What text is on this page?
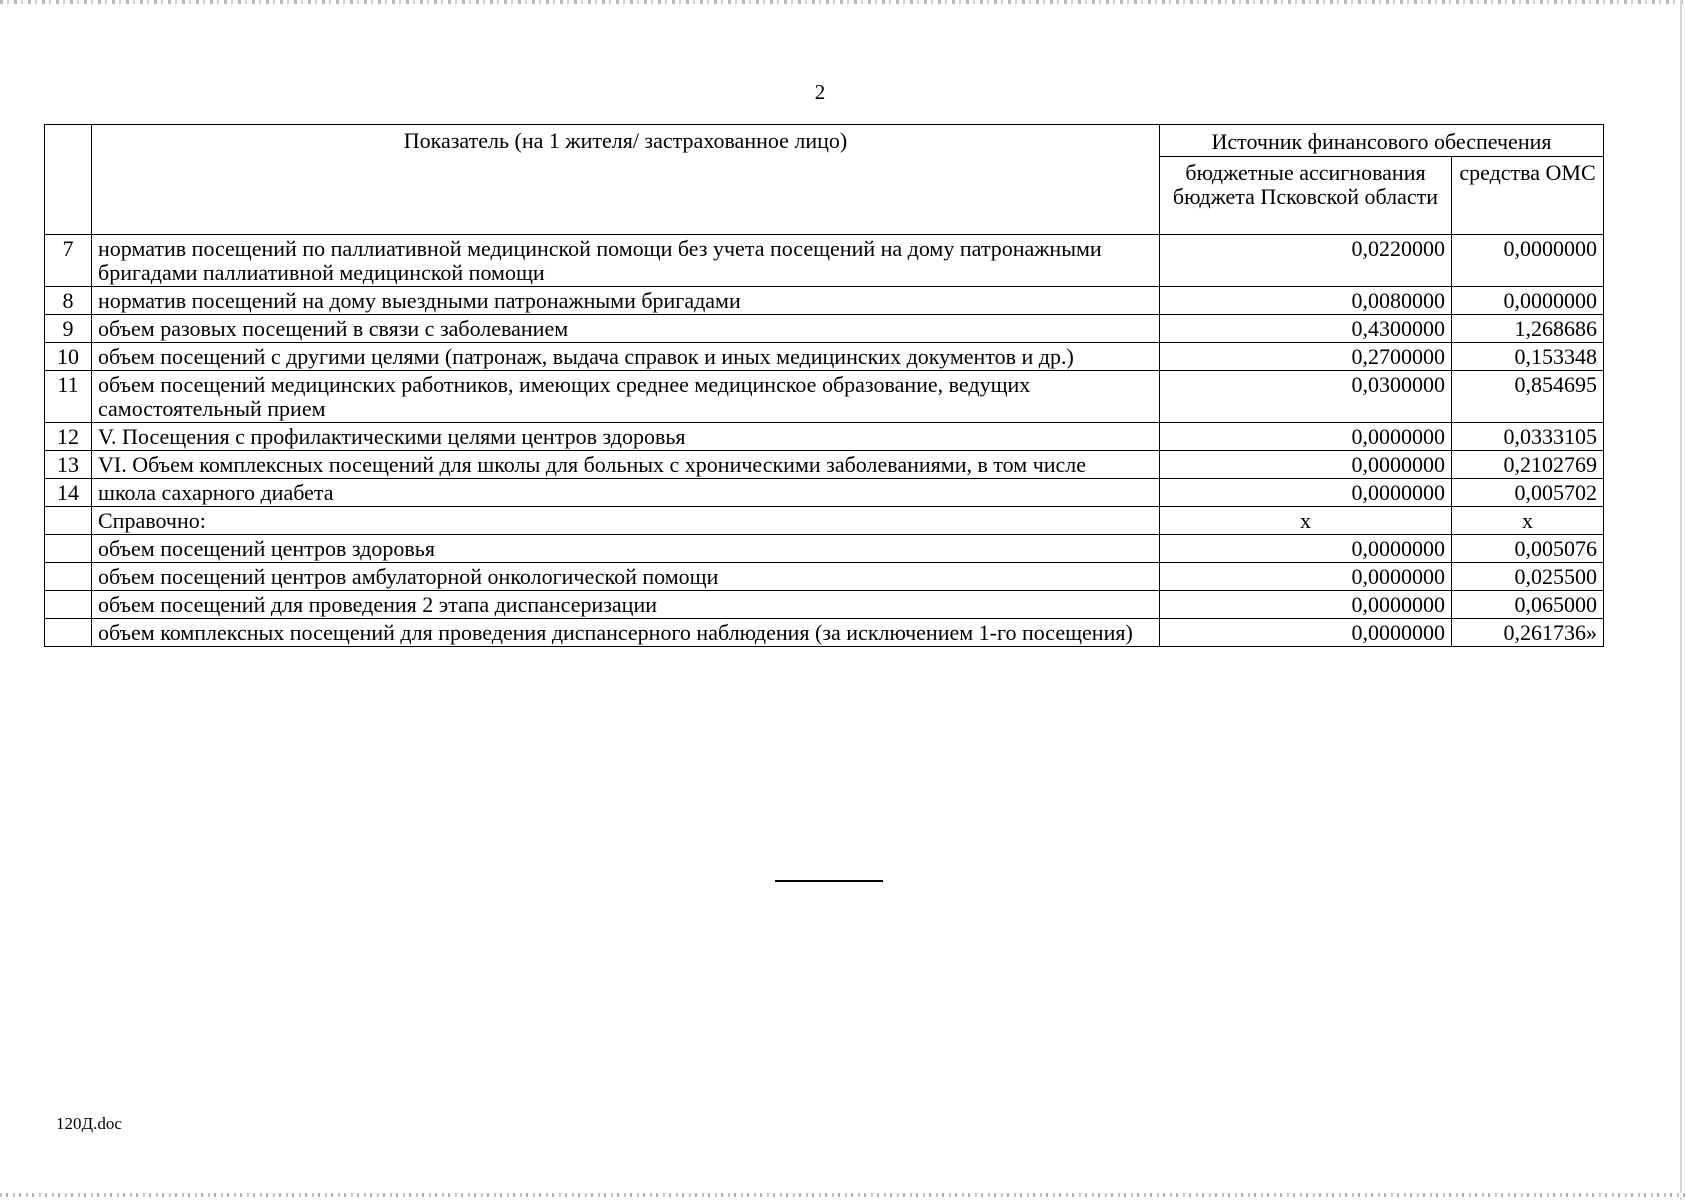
2
	Показатель (на 1 жителя/ застрахованное лицо)	Источник финансового обеспечения	
		бюджетные ассигнования бюджета Псковской области	средства ОМС
7	норматив посещений по паллиативной медицинской помощи без учета посещений на дому патронажными бригадами паллиативной медицинской помощи	0,0220000	0,0000000
8	норматив посещений на дому выездными патронажными бригадами	0,0080000	0,0000000
9	объем разовых посещений в связи с заболеванием	0,4300000	1,268686
10	объем посещений с другими целями (патронаж, выдача справок и иных медицинских документов и др.)	0,2700000	0,153348
11	объем посещений медицинских работников, имеющих среднее медицинское образование, ведущих самостоятельный прием	0,0300000	0,854695
12	V. Посещения с профилактическими целями центров здоровья	0,0000000	0,0333105
13	VI. Объем комплексных посещений для школы для больных с хроническими заболеваниями, в том числе	0,0000000	0,2102769
14	школа сахарного диабета	0,0000000	0,005702
	Справочно:	х	х
	объем посещений центров здоровья	0,0000000	0,005076
	объем посещений центров амбулаторной онкологической помощи	0,0000000	0,025500
	объем посещений для проведения 2 этапа диспансеризации	0,0000000	0,065000
	объем комплексных посещений для проведения диспансерного наблюдения (за исключением 1-го посещения)	0,0000000	0,261736»
120Д.doc
